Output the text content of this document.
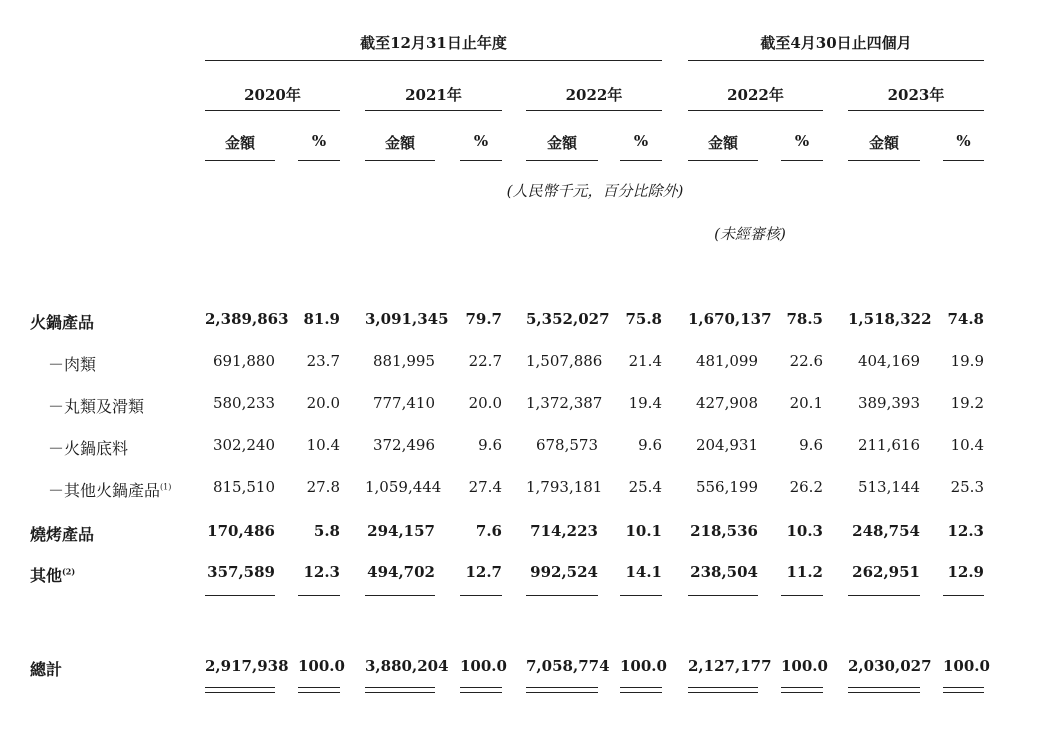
截至12月31日止年度	截至4月30日止四個月
2020年	2021年	2022年	2022年	2023年
金額	%	金額	%	金額	%	金額	%	金額	%
(人民幣千元，百分比除外)
(未經審核)
火鍋產品	2,389,863 81.9 3,091,345	79.7 5,352,027	75.8 1,670,137 78.5 1,518,322 74.8
－肉類	691,880	23.7	881,995	22.7 1,507,886	21.4	481,099	22.6	404,169	19.9
－丸類及滑類	580,233	20.0	777,410	20.0 1,372,387	19.4	427,908	20.1	389,393	19.2
－火鍋底料	302,240	10.4	372,496	9.6	678,573	9.6	204,931	9.6	211,616	10.4
－其他火鍋產品$^{(1)}$	815,510	27.8 1,059,444	27.4 1,793,181	25.4	556,199	26.2	513,144	25.3
燒烤產品	170,486	5.8 294,157	7.6 714,223	10.1 218,536	10.3 248,754 12.3
其他$^{(2)}$	357,589	12.3 494,702	12.7 992,524	14.1 238,504	11.2 262,951 12.9
總計	2,917,938 100.0 3,880,204 100.0 7,058,774 100.0 2,127,177 100.0 2,030,027 100.0
